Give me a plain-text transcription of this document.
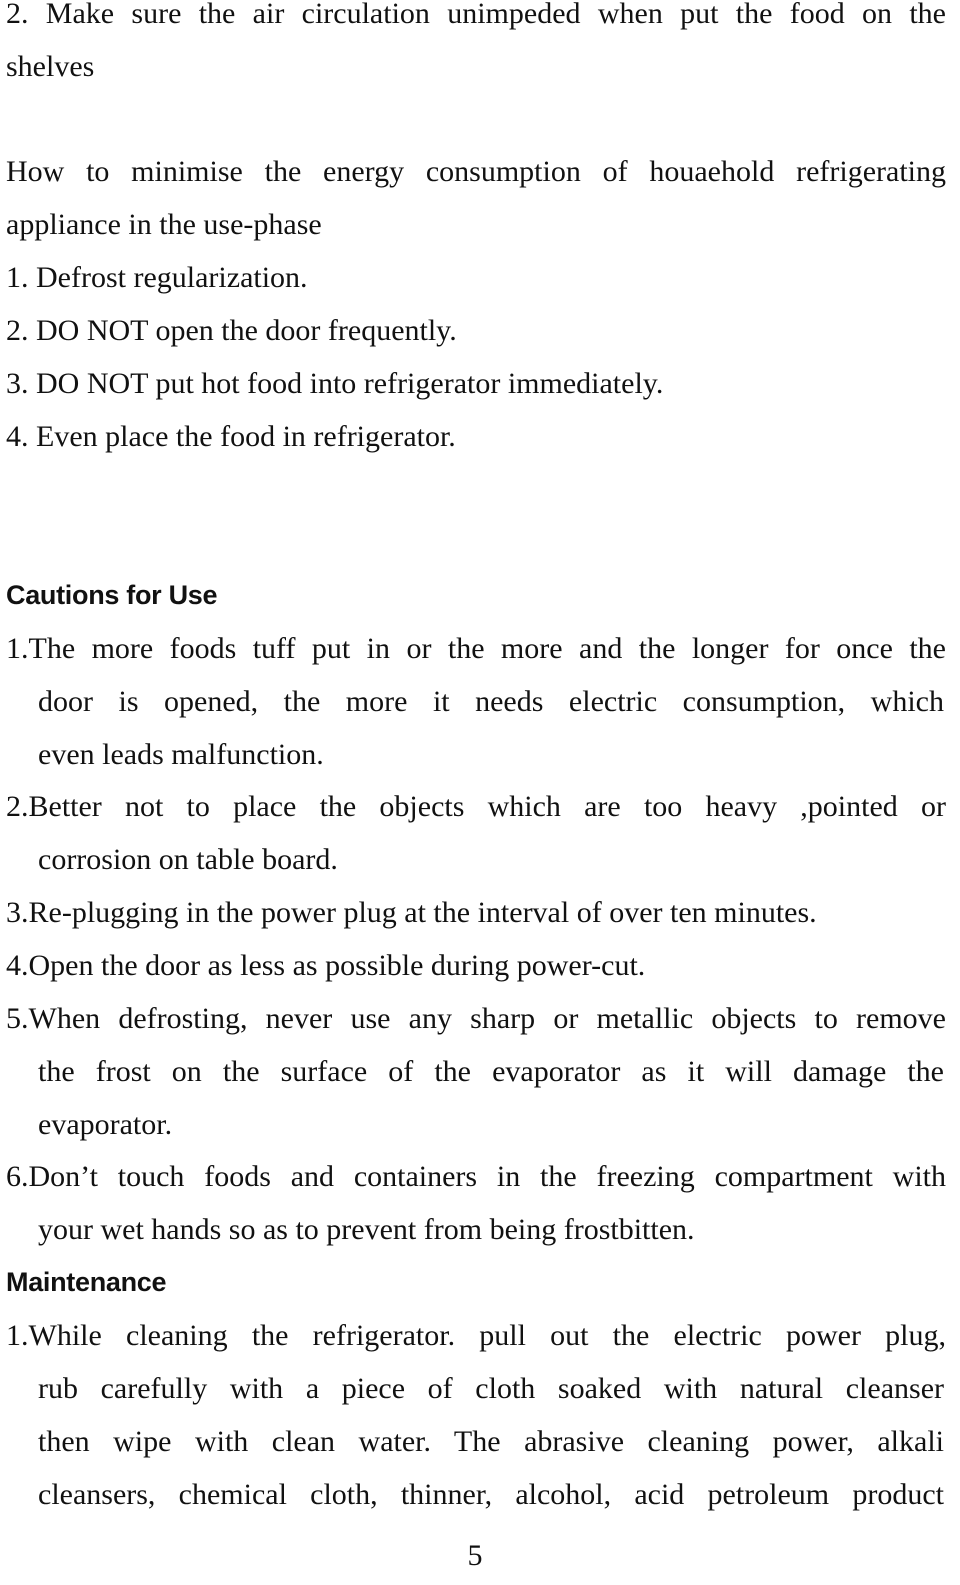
2. Make sure the air circulation unimpeded when put the food on the
shelves
How to minimise the energy consumption of houaehold refrigerating
appliance in the use-phase
1. Defrost regularization.
2. DO NOT open the door frequently.
3. DO NOT put hot food into refrigerator immediately.
4. Even place the food in refrigerator.
Cautions for Use
1.The more foods tuff put in or the more and the longer for once the
door is opened, the more it needs electric consumption, which
even leads malfunction.
2.Better not to place the objects which are too heavy ,pointed or
corrosion on table board.
3.Re-plugging in the power plug at the interval of over ten minutes.
4.Open the door as less as possible during power-cut.
5.When defrosting, never use any sharp or metallic objects to remove
the frost on the surface of the evaporator as it will damage the
evaporator.
6.Don’t touch foods and containers in the freezing compartment with
your wet hands so as to prevent from being frostbitten.
Maintenance
1.While cleaning the refrigerator. pull out the electric power plug,
rub carefully with a piece of cloth soaked with natural cleanser
then wipe with clean water. The abrasive cleaning power, alkali
cleansers, chemical cloth, thinner, alcohol, acid petroleum product
5
